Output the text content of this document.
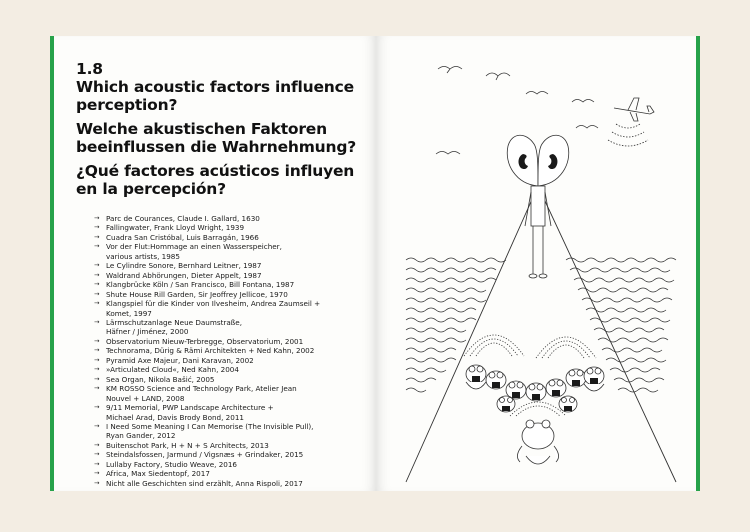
1.8
Which acoustic factors influence perception?
Welche akustischen Faktoren beeinflussen die Wahrnehmung?
¿Qué factores acústicos influyen en la percepción?
→ Parc de Courances, Claude I. Gallard, 1630
→ Fallingwater, Frank Lloyd Wright, 1939
→ Cuadra San Cristóbal, Luis Barragán, 1966
→ Vor der Flut:Hommage an einen Wasserspeicher,
various artists, 1985
→ Le Cylindre Sonore, Bernhard Leitner, 1987
→ Waldrand Abhörungen, Dieter Appelt, 1987
→ Klangbrücke Köln / San Francisco, Bill Fontana, 1987
→ Shute House Rill Garden, Sir Jeoffrey Jellicoe, 1970
→ Klangspiel für die Kinder von Ilvesheim, Andrea Zaumseil +
Komet, 1997
→ Lärmschutzanlage Neue Daumstraße,
Häfner / Jiménez, 2000
→ Observatorium Nieuw-Terbregge, Observatorium, 2001
→ Technorama, Dürig & Rämi Architekten + Ned Kahn, 2002
→ Pyramid Axe Majeur, Dani Karavan, 2002
→ »Articulated Cloud«, Ned Kahn, 2004
→ Sea Organ, Nikola Bašić, 2005
→ KM ROSSO Science and Technology Park, Atelier Jean
Nouvel + LAND, 2008
→ 9/11 Memorial, PWP Landscape Architecture +
Michael Arad, Davis Brody Bond, 2011
→ I Need Some Meaning I Can Memorise (The Invisible Pull),
Ryan Gander, 2012
→ Buitenschot Park, H + N + S Architects, 2013
→ Steindalsfossen, Jarmund / Vigsnæs + Grindaker, 2015
→ Lullaby Factory, Studio Weave, 2016
→ Africa, Max Siedentopf, 2017
→ Nicht alle Geschichten sind erzählt, Anna Rispoli, 2017
